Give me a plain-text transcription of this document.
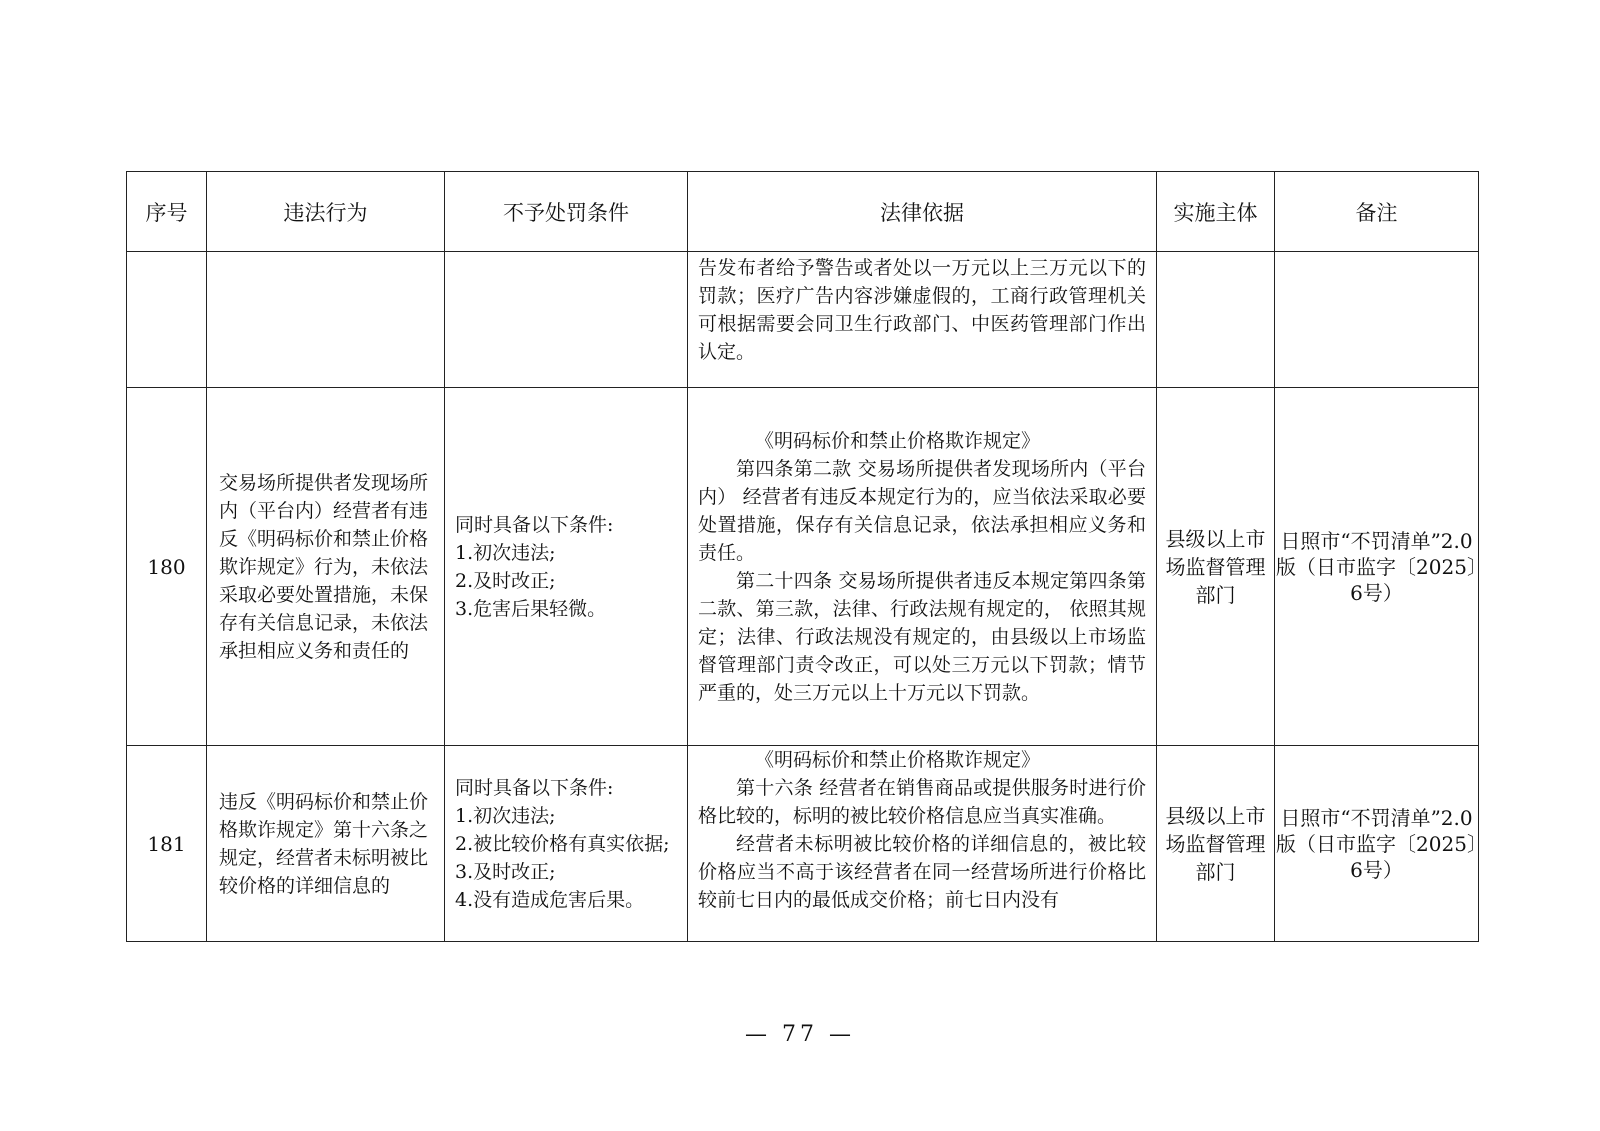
序号	违法行为	不予处罚条件	法律依据	实施主体	备注

			告发布者给予警告或者处以一万元以上三万元以下的罚款；医疗广告内容涉嫌虚假的，工商行政管理机关可根据需要会同卫生行政部门、中医药管理部门作出认定。		

180	交易场所提供者发现场所内（平台内）经营者有违反《明码标价和禁止价格欺诈规定》行为，未依法采取必要处置措施，未保存有关信息记录，未依法承担相应义务和责任的	同时具备以下条件:
1.初次违法;
2.及时改正;
3.危害后果轻微。	《明码标价和禁止价格欺诈规定》
第四条第二款 交易场所提供者发现场所内（平台内） 经营者有违反本规定行为的，应当依法采取必要处置措施，保存有关信息记录，依法承担相应义务和责任。
第二十四条 交易场所提供者违反本规定第四条第二款、第三款，法律、行政法规有规定的， 依照其规定；法律、行政法规没有规定的，由县级以上市场监督管理部门责令改正，可以处三万元以下罚款；情节严重的，处三万元以上十万元以下罚款。	县级以上市场监督管理部门	日照市“不罚清单”2.0版（日市监字〔2025〕6号）
181	违反《明码标价和禁止价格欺诈规定》第十六条之规定，经营者未标明被比较价格的详细信息的	同时具备以下条件:
1.初次违法;
2.被比较价格有真实依据;
3.及时改正;
4.没有造成危害后果。	《明码标价和禁止价格欺诈规定》
第十六条 经营者在销售商品或提供服务时进行价格比较的，标明的被比较价格信息应当真实准确。
经营者未标明被比较价格的详细信息的，被比较价格应当不高于该经营者在同一经营场所进行价格比较前七日内的最低成交价格；前七日内没有	县级以上市场监督管理部门	日照市“不罚清单”2.0版（日市监字〔2025〕6号）
— 77 —
